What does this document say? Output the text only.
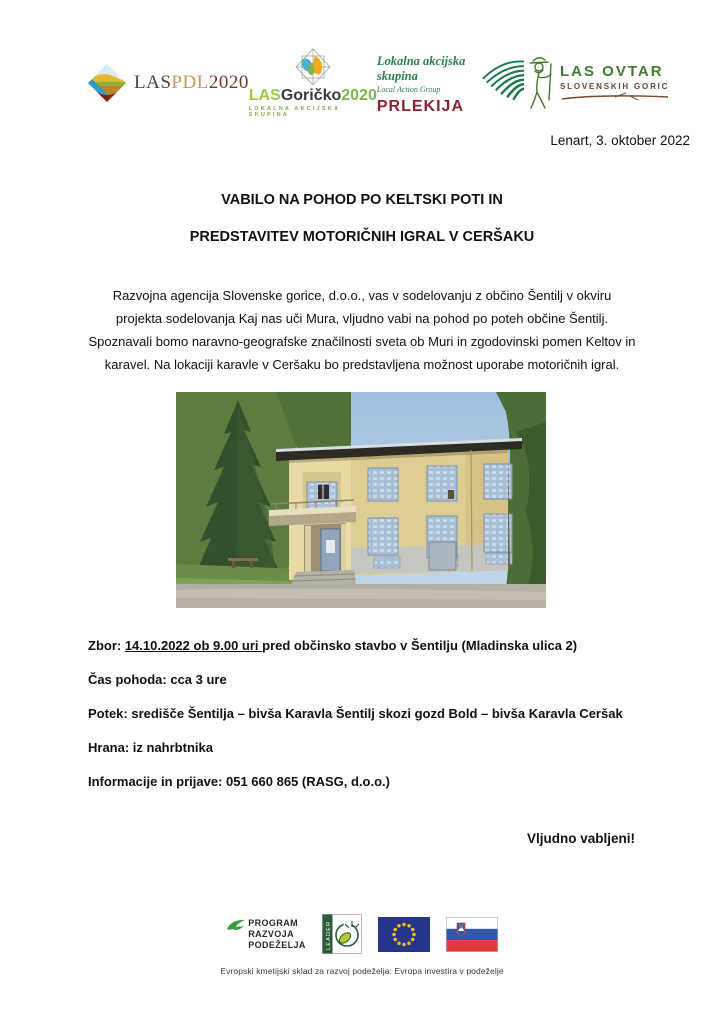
LASPDL2020
LASGoričko2020
LOKALNA AKCIJSKA SKUPINA
Lokalna akcijska skupina
Local Action Group
PRLEKIJA
LAS OVTAR
SLOVENSKIH GORIC
Lenart, 3. oktober 2022
VABILO NA POHOD PO KELTSKI POTI IN
PREDSTAVITEV MOTORIČNIH IGRAL V CERŠAKU
Razvojna agencija Slovenske gorice, d.o.o., vas v sodelovanju z občino Šentilj v okviru projekta sodelovanja Kaj nas uči Mura, vljudno vabi na pohod po poteh občine Šentilj. Spoznavali bomo naravno-geografske značilnosti sveta ob Muri in zgodovinski pomen Keltov in karavel. Na lokaciji karavle v Ceršaku bo predstavljena možnost uporabe motoričnih igral.
Zbor: 14.10.2022 ob 9.00 uri pred občinsko stavbo v Šentilju (Mladinska ulica 2)
Čas pohoda: cca 3 ure
Potek: središče Šentilja – bivša Karavla Šentilj skozi gozd Bold – bivša Karavla Ceršak
Hrana: iz nahrbtnika
Informacije in prijave: 051 660 865 (RASG, d.o.o.)
Vljudno vabljeni!
PROGRAM
RAZVOJA
PODEŽELJA	LEADER
Evropski kmetijski sklad za razvoj podeželja: Evropa investira v podeželje
